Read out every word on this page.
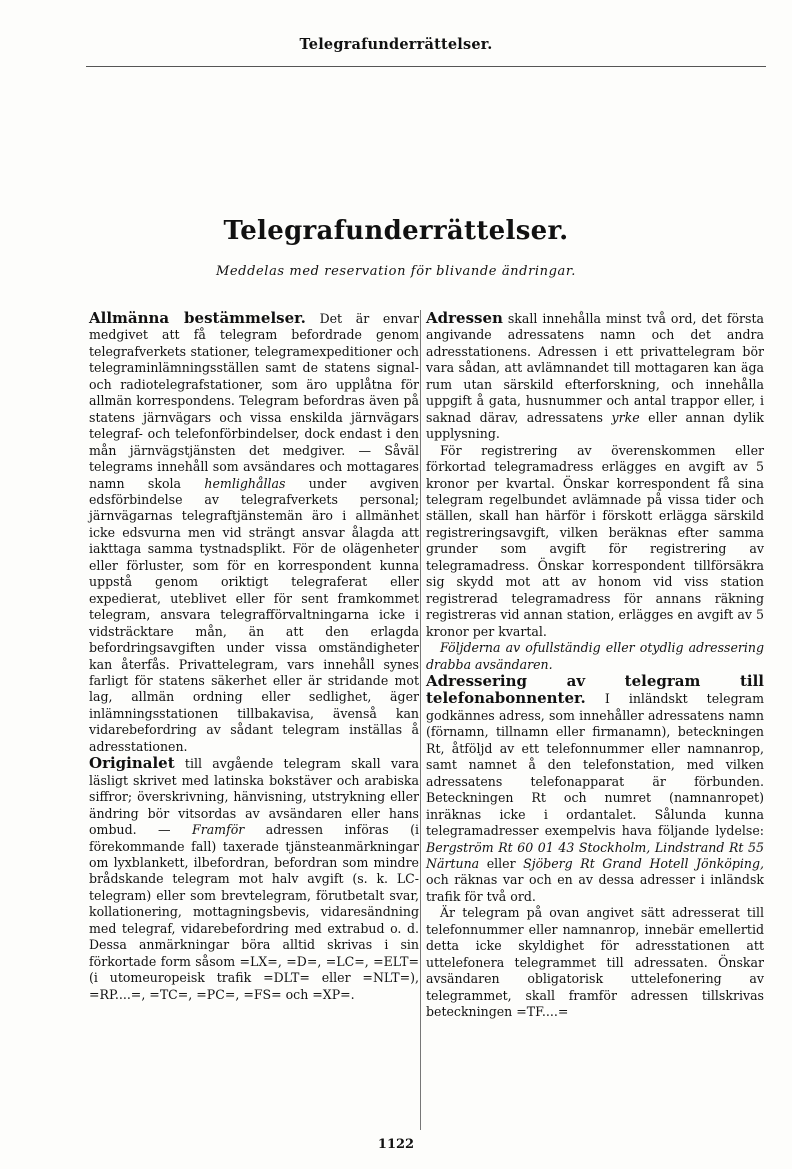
Telegrafunderrättelser.
Telegrafunderrättelser.
Meddelas med reservation för blivande ändringar.

Allmänna bestämmelser. Det är envar medgivet att få telegram befordrade genom telegrafverkets stationer, telegramexpeditioner och telegraminlämningsställen samt de statens signal- och radiotelegrafstationer, som äro upplåtna för allmän korrespondens. Telegram befordras även på statens järnvägars och vissa enskilda järnvägars telegraf- och telefonförbindelser, dock endast i den mån järnvägstjänsten det medgiver. — Såväl telegrams innehåll som avsändares och mottagares namn skola hemlighållas under avgiven edsförbindelse av telegrafverkets personal; järnvägarnas telegraftjänstemän äro i allmänhet icke edsvurna men vid strängt ansvar ålagda att iakttaga samma tystnadsplikt. För de olägenheter eller förluster, som för en korrespondent kunna uppstå genom oriktigt telegraferat eller expedierat, uteblivet eller för sent framkommet telegram, ansvara telegrafförvaltningarna icke i vidsträcktare mån, än att den erlagda befordringsavgiften under vissa omständigheter kan återfås. Privattelegram, vars innehåll synes farligt för statens säkerhet eller är stridande mot lag, allmän ordning eller sedlighet, äger inlämningsstationen tillbakavisa, ävenså kan vidarebefordring av sådant telegram inställas å adresstationen.

Originalet till avgående telegram skall vara läsligt skrivet med latinska bokstäver och arabiska siffror; överskrivning, hänvisning, utstrykning eller ändring bör vitsordas av avsändaren eller hans ombud. — Framför adressen införas (i förekommande fall) taxerade tjänsteanmärkningar om lyxblankett, ilbefordran, befordran som mindre brådskande telegram mot halv avgift (s. k. LC-telegram) eller som brevtelegram, förutbetalt svar, kollationering, mottagningsbevis, vidaresändning med telegraf, vidarebefordring med extrabud o. d. Dessa anmärkningar böra alltid skrivas i sin förkortade form såsom =LX=, =D=, =LC=, =ELT= (i utomeuropeisk trafik =DLT= eller =NLT=), =RP....=, =TC=, =PC=, =FS= och =XP=.

Adressen skall innehålla minst två ord, det första angivande adressatens namn och det andra adresstationens. Adressen i ett privattelegram bör vara sådan, att avlämnandet till mottagaren kan äga rum utan särskild efterforskning, och innehålla uppgift å gata, husnummer och antal trappor eller, i saknad därav, adressatens yrke eller annan dylik upplysning.

För registrering av överenskommen eller förkortad telegramadress erlägges en avgift av 5 kronor per kvartal. Önskar korrespondent få sina telegram regelbundet avlämnade på vissa tider och ställen, skall han härför i förskott erlägga särskild registreringsavgift, vilken beräknas efter samma grunder som avgift för registrering av telegramadress. Önskar korrespondent tillförsäkra sig skydd mot att av honom vid viss station registrerad telegramadress för annans räkning registreras vid annan station, erlägges en avgift av 5 kronor per kvartal.

Följderna av ofullständig eller otydlig adressering drabba avsändaren.

Adressering av telegram till telefonabonnenter. I inländskt telegram godkännes adress, som innehåller adressatens namn (förnamn, tillnamn eller firmanamn), beteckningen Rt, åtföljd av ett telefonnummer eller namnanrop, samt namnet å den telefonstation, med vilken adressatens telefonapparat är förbunden. Beteckningen Rt och numret (namnanropet) inräknas icke i ordantalet. Sålunda kunna telegramadresser exempelvis hava följande lydelse: Bergström Rt 60 01 43 Stockholm, Lindstrand Rt 55 Närtuna eller Sjöberg Rt Grand Hotell Jönköping, och räknas var och en av dessa adresser i inländsk trafik för två ord.

Är telegram på ovan angivet sätt adresserat till telefonnummer eller namnanrop, innebär emellertid detta icke skyldighet för adresstationen att uttelefonera telegrammet till adressaten. Önskar avsändaren obligatorisk uttelefonering av telegrammet, skall framför adressen tillskrivas beteckningen =TF....=

1122
